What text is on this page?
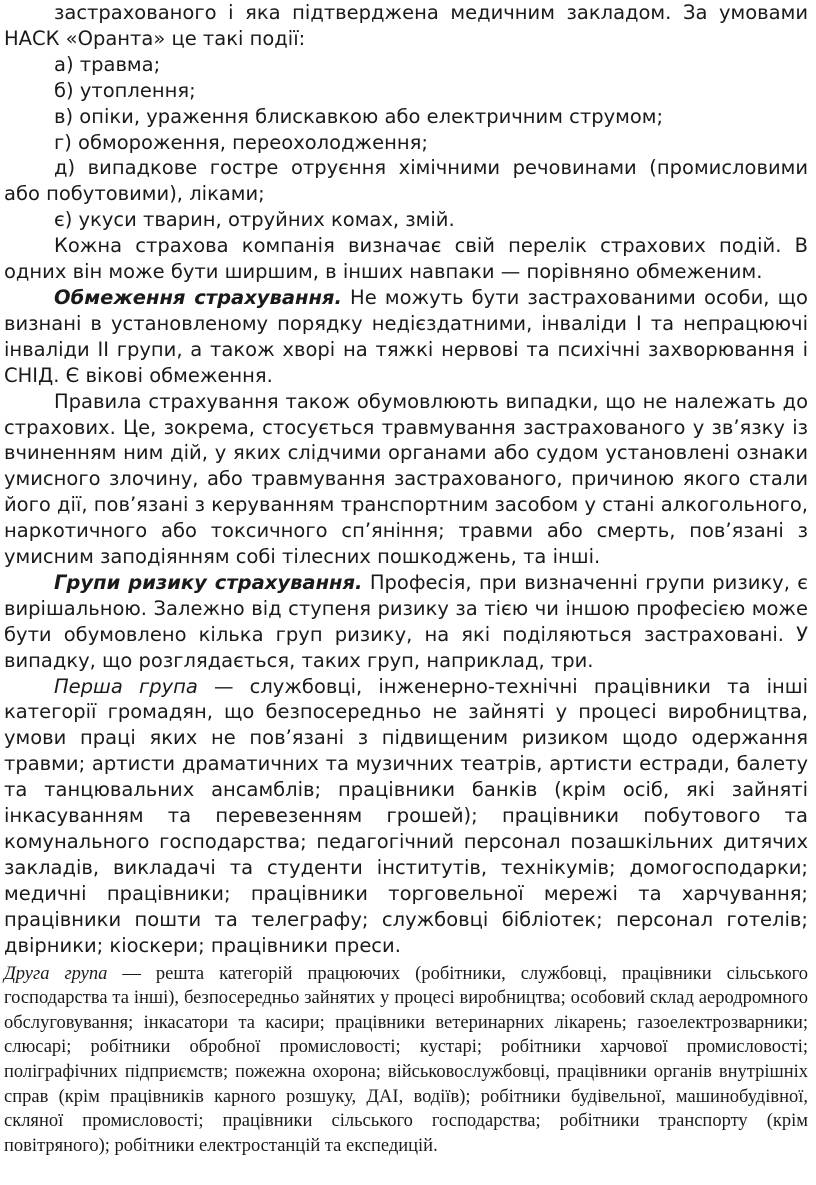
застрахованого і яка підтверджена медичним закладом. За умовами НАСК «Оранта» це такі події:

а) травма;

б) утоплення;

в) опіки, ураження блискавкою або електричним струмом;

г) обмороження, переохолодження;

д) випадкове гостре отруєння хімічними речовинами (промисловими або побутовими), ліками;

є) укуси тварин, отруйних комах, змій.

Кожна страхова компанія визначає свій перелік страхових подій. В одних він може бути ширшим, в інших навпаки — порівняно обмеженим.

Обмеження страхування. Не можуть бути застрахованими особи, що визнані в установленому порядку недієздатними, інваліди I та непрацюючі інваліди II групи, а також хворі на тяжкі нервові та психічні захворювання і СНІД. Є вікові обмеження.

Правила страхування також обумовлюють випадки, що не належать до страхових. Це, зокрема, стосується травмування застрахованого у зв’язку із вчиненням ним дій, у яких слідчими органами або судом установлені ознаки умисного злочину, або травмування застрахованого, причиною якого стали його дії, пов’язані з керуванням транспортним засобом у стані алкогольного, наркотичного або токсичного сп’яніння; травми або смерть, пов’язані з умисним заподіянням собі тілесних пошкоджень, та інші.

Групи ризику страхування. Професія, при визначенні групи ризику, є вирішальною. Залежно від ступеня ризику за тією чи іншою професією може бути обумовлено кілька груп ризику, на які поділяються застраховані. У випадку, що розглядається, таких груп, наприклад, три.

Перша група — службовці, інженерно-технічні працівники та інші категорії громадян, що безпосередньо не зайняті у процесі виробництва, умови праці яких не пов’язані з підвищеним ризиком щодо одержання травми; артисти драматичних та музичних театрів, артисти естради, балету та танцювальних ансамблів; працівники банків (крім осіб, які зайняті інкасуванням та перевезенням грошей); працівники побутового та комунального господарства; педагогічний персонал позашкільних дитячих закладів, викладачі та студенти інститутів, технікумів; домогосподарки; медичні працівники; працівники торговельної мережі та харчування; працівники пошти та телеграфу; службовці бібліотек; персонал готелів; двірники; кіоскери; працівники преси.

Друга група — решта категорій працюючих (робітники, службовці, працівники сільського господарства та інші), безпосередньо зайнятих у процесі виробництва; особовий склад аеродромного обслуговування; інкасатори та касири; працівники ветеринарних лікарень; газоелектрозварники; слюсарі; робітники обробної промисловості; кустарі; робітники харчової промисловості; поліграфічних підприємств; пожежна охорона; військовослужбовці, працівники органів внутрішніх справ (крім працівників карного розшуку, ДАІ, водіїв); робітники будівельної, машинобудівної, скляної промисловості; працівники сільського господарства; робітники транспорту (крім повітряного); робітники електростанцій та експедицій.
